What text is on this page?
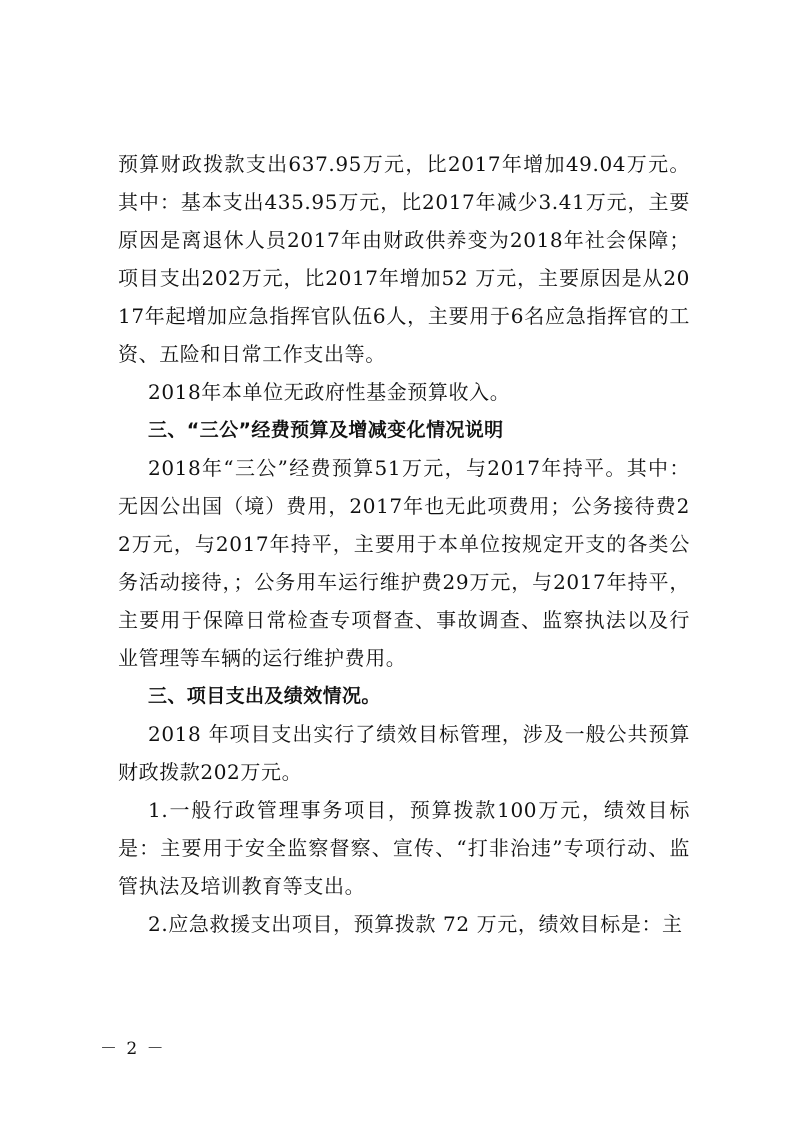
预算财政拨款支出637.95万元，比2017年增加49.04万元。其中：基本支出435.95万元，比2017年减少3.41万元，主要原因是离退休人员2017年由财政供养变为2018年社会保障；项目支出202万元，比2017年增加52 万元，主要原因是从2017年起增加应急指挥官队伍6人，主要用于6名应急指挥官的工资、五险和日常工作支出等。

2018年本单位无政府性基金预算收入。

三、“三公”经费预算及增减变化情况说明

2018年“三公”经费预算51万元，与2017年持平。其中：无因公出国（境）费用，2017年也无此项费用；公务接待费22万元，与2017年持平，主要用于本单位按规定开支的各类公务活动接待，；公务用车运行维护费29万元，与2017年持平，主要用于保障日常检查专项督查、事故调查、监察执法以及行业管理等车辆的运行维护费用。

三、项目支出及绩效情况。

2018 年项目支出实行了绩效目标管理，涉及一般公共预算财政拨款202万元。

1.一般行政管理事务项目，预算拨款100万元，绩效目标是：主要用于安全监察督察、宣传、“打非治违”专项行动、监管执法及培训教育等支出。

2.应急救援支出项目，预算拨款 72 万元，绩效目标是：主

－ 2 －
